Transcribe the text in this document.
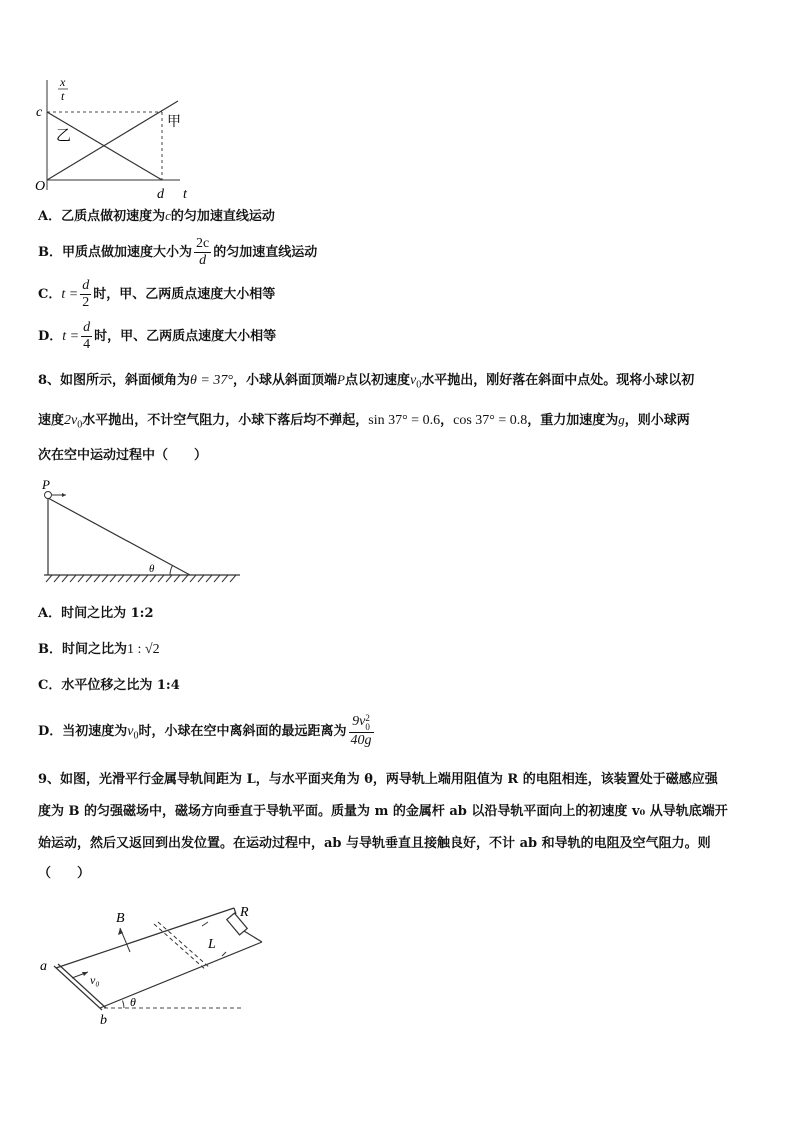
x
t
c
O
d t
甲
乙
A．乙质点做初速度为c的匀加速直线运动
B．甲质点做加速度大小为 $\frac{2c}{d}$ 的匀加速直线运动
C．$t = \frac{d}{2}$ 时，甲、乙两质点速度大小相等
D．$t = \frac{d}{4}$ 时，甲、乙两质点速度大小相等
8、如图所示，斜面倾角为θ = 37°，小球从斜面顶端P点以初速度$v_0$水平抛出，刚好落在斜面中点处。现将小球以初
速度$2v_0$水平抛出，不计空气阻力，小球下落后均不弹起，sin 37° = 0.6，cos 37° = 0.8，重力加速度为g，则小球两
次在空中运动过程中（　　）
θ
P
A．时间之比为 1:2
B．时间之比为1 : √2
C．水平位移之比为 1:4
D．当初速度为$v_0$时，小球在空中离斜面的最远距离为 9v 2
0
40g
9、如图，光滑平行金属导轨间距为 L，与水平面夹角为 θ，两导轨上端用阻值为 R 的电阻相连，该装置处于磁感应强
度为 B 的匀强磁场中，磁场方向垂直于导轨平面。质量为 m 的金属杆 ab 以沿导轨平面向上的初速度 v₀ 从导轨底端开
始运动，然后又返回到出发位置。在运动过程中，ab 与导轨垂直且接触良好，不计 ab 和导轨的电阻及空气阻力。则
（　　）
R
L
B
v₀
a
b
θ
